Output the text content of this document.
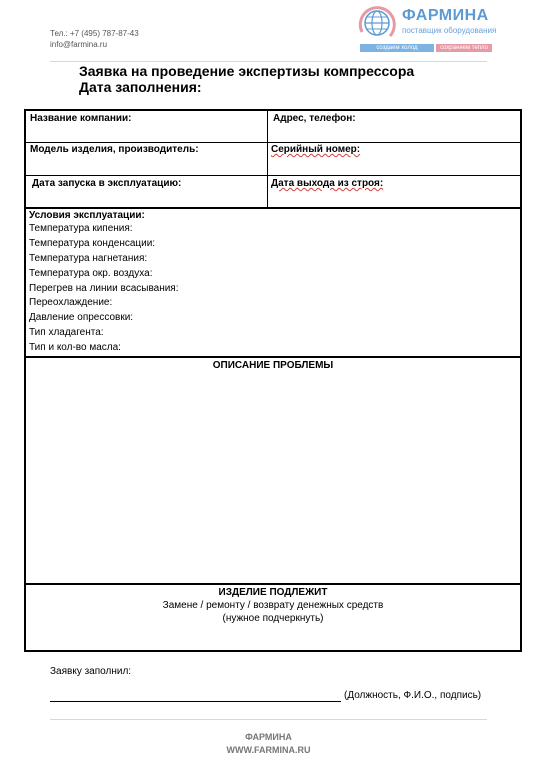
Тел.: +7 (495) 787-87-43
info@farmina.ru
ФАРМИНА
поставщик оборудования
создаем холод	сохраняем тепло
Заявка на проведение экспертизы компрессора
Дата заполнения:
Название компании:	Адрес, телефон:
Модель изделия, производитель:	Серийный номер:
Дата запуска в эксплуатацию:	Дата выхода из строя:
Условия эксплуатации:
Температура кипения:
Температура конденсации:
Температура нагнетания:
Температура окр. воздуха:
Перегрев на линии всасывания:
Переохлаждение:
Давление опрессовки:
Тип хладагента:
Тип и кол-во масла:
ОПИСАНИЕ ПРОБЛЕМЫ
ИЗДЕЛИЕ ПОДЛЕЖИТ
Замене / ремонту / возврату денежных средств
(нужное подчеркнуть)
Заявку заполнил:
(Должность, Ф.И.О., подпись)
ФАРМИНА
WWW.FARMINA.RU
